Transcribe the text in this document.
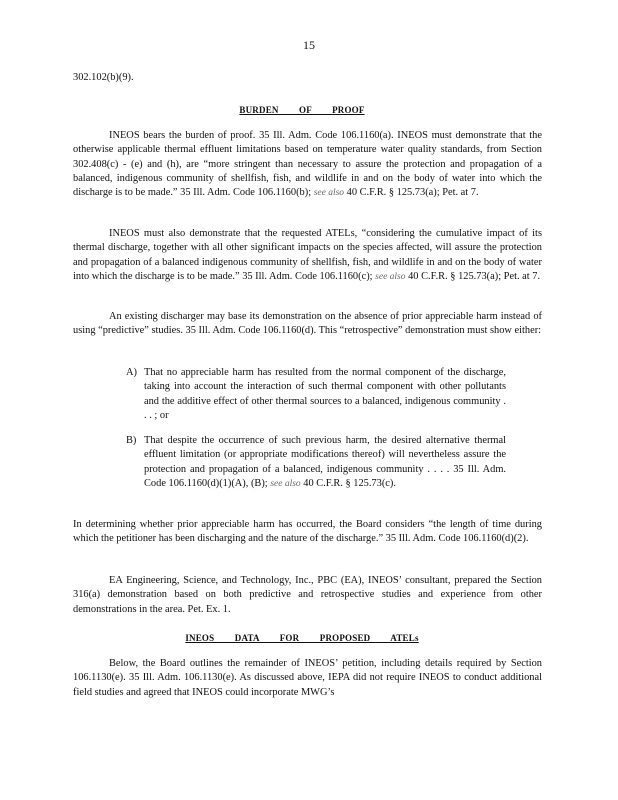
15

302.102(b)(9).

BURDEN OF PROOF

INEOS bears the burden of proof. 35 Ill. Adm. Code 106.1160(a). INEOS must demonstrate that the otherwise applicable thermal effluent limitations based on temperature water quality standards, from Section 302.408(c) - (e) and (h), are “more stringent than necessary to assure the protection and propagation of a balanced, indigenous community of shellfish, fish, and wildlife in and on the body of water into which the discharge is to be made.” 35 Ill. Adm. Code 106.1160(b); see also 40 C.F.R. § 125.73(a); Pet. at 7.

INEOS must also demonstrate that the requested ATELs, “considering the cumulative impact of its thermal discharge, together with all other significant impacts on the species affected, will assure the protection and propagation of a balanced indigenous community of shellfish, fish, and wildlife in and on the body of water into which the discharge is to be made.” 35 Ill. Adm. Code 106.1160(c); see also 40 C.F.R. § 125.73(a); Pet. at 7.

An existing discharger may base its demonstration on the absence of prior appreciable harm instead of using “predictive” studies. 35 Ill. Adm. Code 106.1160(d). This “retrospective” demonstration must show either:

A) That no appreciable harm has resulted from the normal component of the discharge, taking into account the interaction of such thermal component with other pollutants and the additive effect of other thermal sources to a balanced, indigenous community . . . ; or
B) That despite the occurrence of such previous harm, the desired alternative thermal effluent limitation (or appropriate modifications thereof) will nevertheless assure the protection and propagation of a balanced, indigenous community . . . . 35 Ill. Adm. Code 106.1160(d)(1)(A), (B); see also 40 C.F.R. § 125.73(c).

In determining whether prior appreciable harm has occurred, the Board considers “the length of time during which the petitioner has been discharging and the nature of the discharge.” 35 Ill. Adm. Code 106.1160(d)(2).

EA Engineering, Science, and Technology, Inc., PBC (EA), INEOS’ consultant, prepared the Section 316(a) demonstration based on both predictive and retrospective studies and experience from other demonstrations in the area. Pet. Ex. 1.

INEOS DATA FOR PROPOSED ATELs

Below, the Board outlines the remainder of INEOS’ petition, including details required by Section 106.1130(e). 35 Ill. Adm. 106.1130(e). As discussed above, IEPA did not require INEOS to conduct additional field studies and agreed that INEOS could incorporate MWG’s
